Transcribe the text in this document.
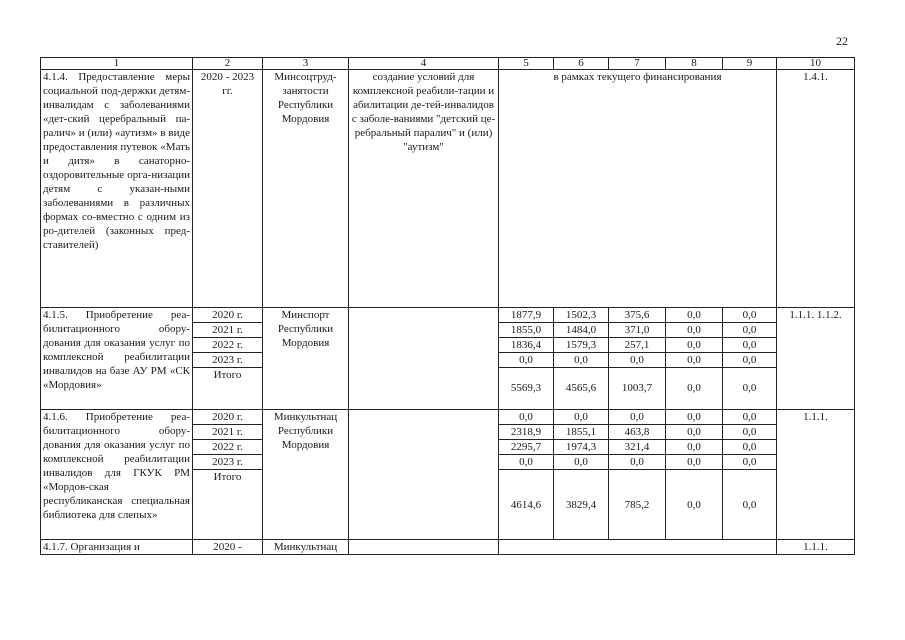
22
1	2	3	4	5	6	7	8	9	10
4.1.4. Предоставление меры социальной под-держки детям-инвалидам с заболеваниями «дет-ский церебральный па-ралич» и (или) «аутизм» в виде предоставления путевок «Мать и дитя» в санаторно-оздоровительные орга-низации детям с указан-ными заболеваниями в различных формах со-вместно с одним из ро-дителей (законных пред-ставителей)	2020 - 2023 гг.	Минсоцтруд-занятости Республики Мордовия	создание условий для комплексной реабили-тации и абилитации де-тей-инвалидов с заболе-ваниями "детский це-ребральный паралич" и (или) "аутизм"	в рамках текущего финансирования					1.4.1.
4.1.5. Приобретение реа-билитационного обору-дования для оказания услуг по комплексной реабилитации инвалидов на базе АУ РМ «СК «Мордовия»	2020 г.	Минспорт Республики Мордовия		1877,9	1502,3	375,6	0,0	0,0	1.1.1. 1.1.2.
	2021 г.			1855,0	1484,0	371,0	0,0	0,0	
	2022 г.			1836,4	1579,3	257,1	0,0	0,0	
	2023 г.			0,0	0,0	0,0	0,0	0,0	
	Итого			5569,3	4565,6	1003,7	0,0	0,0	
4.1.6. Приобретение реа-билитационного обору-дования для оказания услуг по комплексной реабилитации инвалидов для ГКУК РМ «Мордов-ская республиканская специальная библиотека для слепых»	2020 г.	Минкультнац Республики Мордовия		0,0	0,0	0,0	0,0	0,0	1.1.1.
	2021 г.			2318,9	1855,1	463,8	0,0	0,0	
	2022 г.			2295,7	1974,3	321,4	0,0	0,0	
	2023 г.			0,0	0,0	0,0	0,0	0,0	
	Итого			4614,6	3829,4	785,2	0,0	0,0	
4.1.7. Организация и	2020 -	Минкультнац							1.1.1.
